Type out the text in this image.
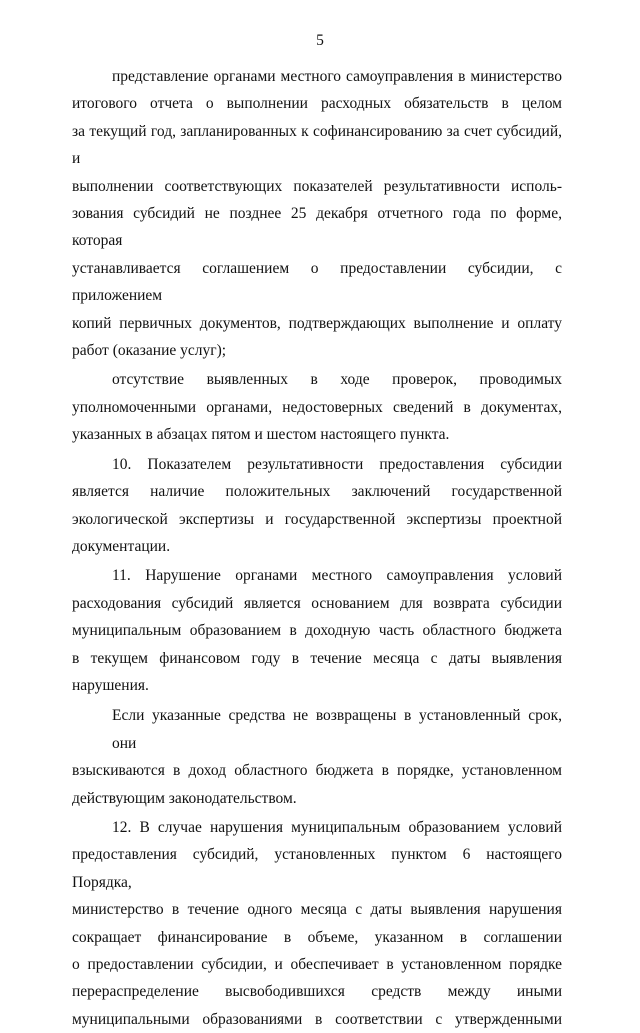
5
представление органами местного самоуправления в министерство
итогового отчета о выполнении расходных обязательств в целом
за текущий год, запланированных к софинансированию за счет субсидий, и
выполнении соответствующих показателей результативности исполь-
зования субсидий не позднее 25 декабря отчетного года по форме, которая
устанавливается соглашением о предоставлении субсидии, с приложением
копий первичных документов, подтверждающих выполнение и оплату
работ (оказание услуг);
отсутствие выявленных в ходе проверок, проводимых
уполномоченными органами, недостоверных сведений в документах,
указанных в абзацах пятом и шестом настоящего пункта.
10. Показателем результативности предоставления субсидии
является наличие положительных заключений государственной
экологической экспертизы и государственной экспертизы проектной
документации.
11. Нарушение органами местного самоуправления условий
расходования субсидий является основанием для возврата субсидии
муниципальным образованием в доходную часть областного бюджета
в текущем финансовом году в течение месяца с даты выявления
нарушения.
Если указанные средства не возвращены в установленный срок, они
взыскиваются в доход областного бюджета в порядке, установленном
действующим законодательством.
12. В случае нарушения муниципальным образованием условий
предоставления субсидий, установленных пунктом 6 настоящего Порядка,
министерство в течение одного месяца с даты выявления нарушения
сокращает финансирование в объеме, указанном в соглашении
о предоставлении субсидии, и обеспечивает в установленном порядке
перераспределение высвободившихся средств между иными
муниципальными образованиями в соответствии с утвержденными
